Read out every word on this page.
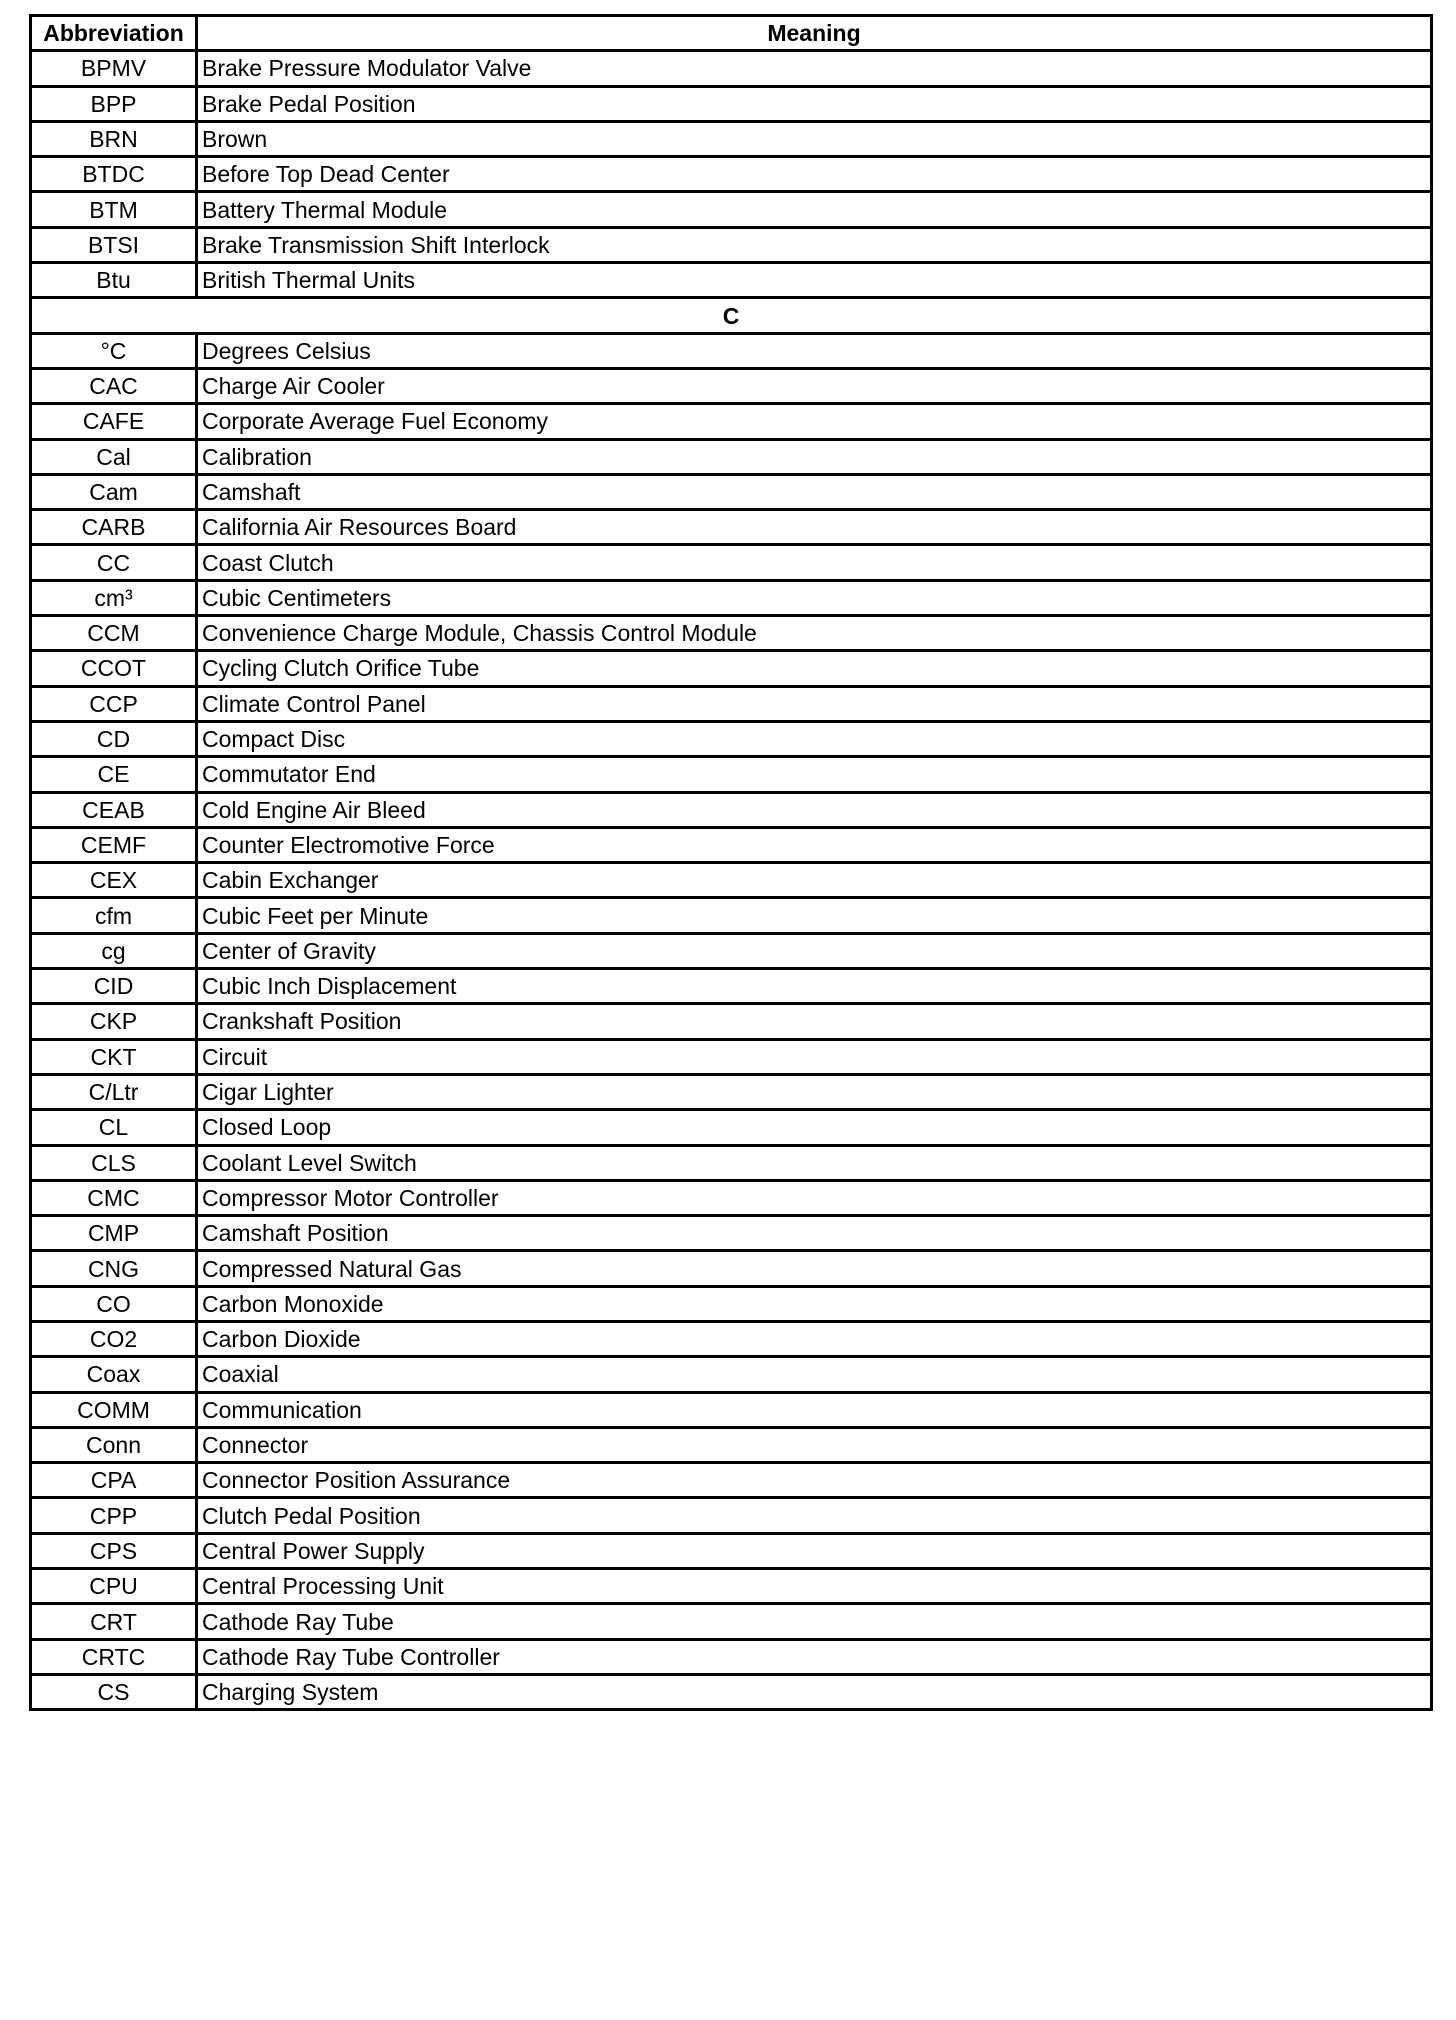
Abbreviation	Meaning
BPMV	Brake Pressure Modulator Valve
BPP	Brake Pedal Position
BRN	Brown
BTDC	Before Top Dead Center
BTM	Battery Thermal Module
BTSI	Brake Transmission Shift Interlock
Btu	British Thermal Units
C	
°C	Degrees Celsius
CAC	Charge Air Cooler
CAFE	Corporate Average Fuel Economy
Cal	Calibration
Cam	Camshaft
CARB	California Air Resources Board
CC	Coast Clutch
cm³	Cubic Centimeters
CCM	Convenience Charge Module, Chassis Control Module
CCOT	Cycling Clutch Orifice Tube
CCP	Climate Control Panel
CD	Compact Disc
CE	Commutator End
CEAB	Cold Engine Air Bleed
CEMF	Counter Electromotive Force
CEX	Cabin Exchanger
cfm	Cubic Feet per Minute
cg	Center of Gravity
CID	Cubic Inch Displacement
CKP	Crankshaft Position
CKT	Circuit
C/Ltr	Cigar Lighter
CL	Closed Loop
CLS	Coolant Level Switch
CMC	Compressor Motor Controller
CMP	Camshaft Position
CNG	Compressed Natural Gas
CO	Carbon Monoxide
CO2	Carbon Dioxide
Coax	Coaxial
COMM	Communication
Conn	Connector
CPA	Connector Position Assurance
CPP	Clutch Pedal Position
CPS	Central Power Supply
CPU	Central Processing Unit
CRT	Cathode Ray Tube
CRTC	Cathode Ray Tube Controller
CS	Charging System
